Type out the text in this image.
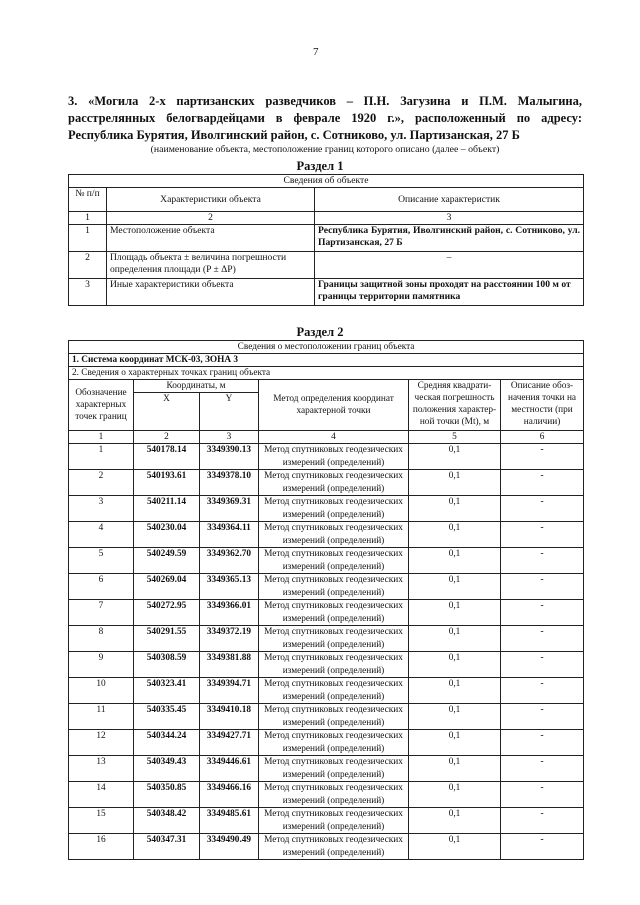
7
3. «Могила 2-х партизанских разведчиков – П.Н. Загузина и П.М. Малыгина, расстрелянных белогвардейцами в феврале 1920 г.», расположенный по адресу: Республика Бурятия, Иволгинский район, с. Сотниково, ул. Партизанская, 27 Б
(наименование объекта, местоположение границ которого описано (далее – объект)
Раздел 1
Сведения об объекте		
№ п/п	Характеристики объекта	Описание характеристик
1	2	3
1	Местоположение объекта	Республика Бурятия, Иволгинский район, с. Сотниково, ул. Партизанская, 27 Б
2	Площадь объекта ± величина погрешности определения площади (P ± ΔP)	–
3	Иные характеристики объекта	Границы защитной зоны проходят на расстоянии 100 м от границы территории памятника
Раздел 2
Сведения о местоположении границ объекта					
1. Система координат МСК-03, ЗОНА 3					
2. Сведения о характерных точках границ объекта					
Обозначение характерных точек границ	Координаты, м		Метод определения координат характерной точки	Средняя квадрати-ческая погрешность положения характер-ной точки (Mt), м	Описание обоз-начения точки на местности (при наличии)
	X	Y			
1	2	3	4	5	6
1	540178.14	3349390.13	Метод спутниковых геодезических измерений (определений)	0,1	-
2	540193.61	3349378.10	Метод спутниковых геодезических измерений (определений)	0,1	-
3	540211.14	3349369.31	Метод спутниковых геодезических измерений (определений)	0,1	-
4	540230.04	3349364.11	Метод спутниковых геодезических измерений (определений)	0,1	-
5	540249.59	3349362.70	Метод спутниковых геодезических измерений (определений)	0,1	-
6	540269.04	3349365.13	Метод спутниковых геодезических измерений (определений)	0,1	-
7	540272.95	3349366.01	Метод спутниковых геодезических измерений (определений)	0,1	-
8	540291.55	3349372.19	Метод спутниковых геодезических измерений (определений)	0,1	-
9	540308.59	3349381.88	Метод спутниковых геодезических измерений (определений)	0,1	-
10	540323.41	3349394.71	Метод спутниковых геодезических измерений (определений)	0,1	-
11	540335.45	3349410.18	Метод спутниковых геодезических измерений (определений)	0,1	-
12	540344.24	3349427.71	Метод спутниковых геодезических измерений (определений)	0,1	-
13	540349.43	3349446.61	Метод спутниковых геодезических измерений (определений)	0,1	-
14	540350.85	3349466.16	Метод спутниковых геодезических измерений (определений)	0,1	-
15	540348.42	3349485.61	Метод спутниковых геодезических измерений (определений)	0,1	-
16	540347.31	3349490.49	Метод спутниковых геодезических измерений (определений)	0,1	-
